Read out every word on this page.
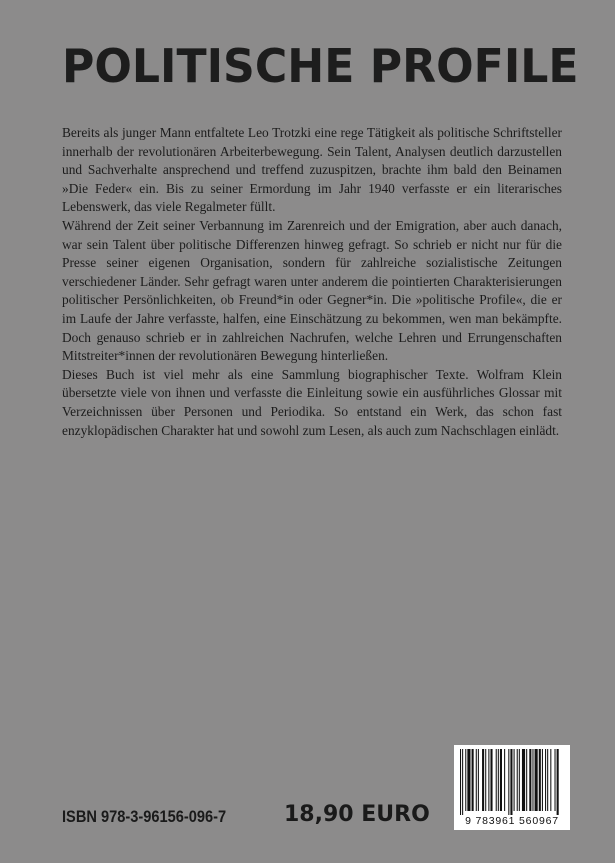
POLITISCHE PROFILE

Bereits als junger Mann entfaltete Leo Trotzki eine rege Tätigkeit als politische Schriftsteller innerhalb der revolutionären Arbeiterbewegung. Sein Talent, Analysen deutlich darzustellen und Sachverhalte ansprechend und treffend zuzuspitzen, brachte ihm bald den Beinamen »Die Feder« ein. Bis zu seiner Ermordung im Jahr 1940 verfasste er ein literarisches Lebenswerk, das viele Regalmeter füllt.

Während der Zeit seiner Verbannung im Zarenreich und der Emigration, aber auch danach, war sein Talent über politische Differenzen hinweg gefragt. So schrieb er nicht nur für die Presse seiner eigenen Organisation, sondern für zahlreiche sozialistische Zeitungen verschiedener Länder. Sehr gefragt waren unter anderem die pointierten Charakterisierungen politischer Persönlichkeiten, ob Freund*in oder Gegner*in. Die »politische Profile«, die er im Laufe der Jahre verfasste, halfen, eine Einschätzung zu bekommen, wen man bekämpfte. Doch genauso schrieb er in zahlreichen Nachrufen, welche Lehren und Errungenschaften Mitstreiter*innen der revolutionären Bewegung hinterließen.

Dieses Buch ist viel mehr als eine Sammlung biographischer Texte. Wolfram Klein übersetzte viele von ihnen und verfasste die Einleitung sowie ein ausführliches Glossar mit Verzeichnissen über Personen und Periodika. So entstand ein Werk, das schon fast enzyklopädischen Charakter hat und sowohl zum Lesen, als auch zum Nachschlagen einlädt.

ISBN 978-3-96156-096-7	18,90 EURO	9 783961 560967
